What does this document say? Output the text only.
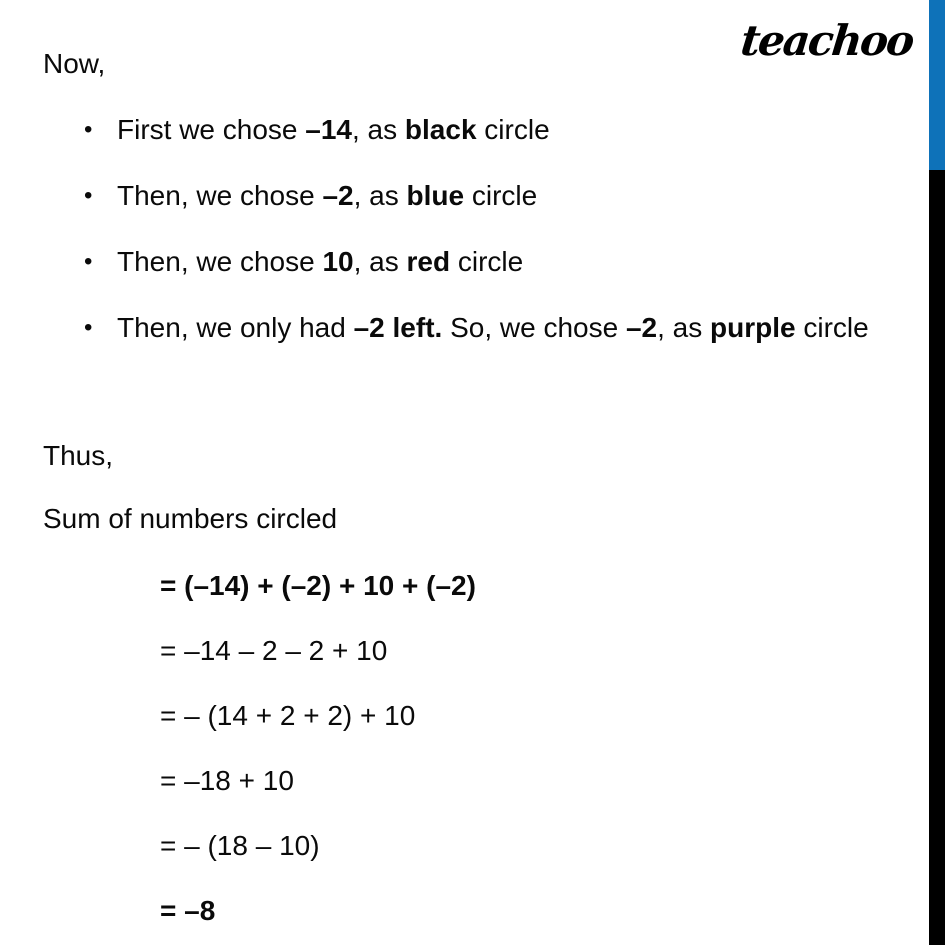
teachoo
Now,
• First we chose –14, as black circle
• Then, we chose –2, as blue circle
• Then, we chose 10, as red circle
• Then, we only had –2 left. So, we chose –2, as purple circle
Thus,
Sum of numbers circled
= (–14) + (–2) + 10 + (–2)
= –14 – 2 – 2 + 10
= – (14 + 2 + 2) + 10
= –18 + 10
= – (18 – 10)
= –8
